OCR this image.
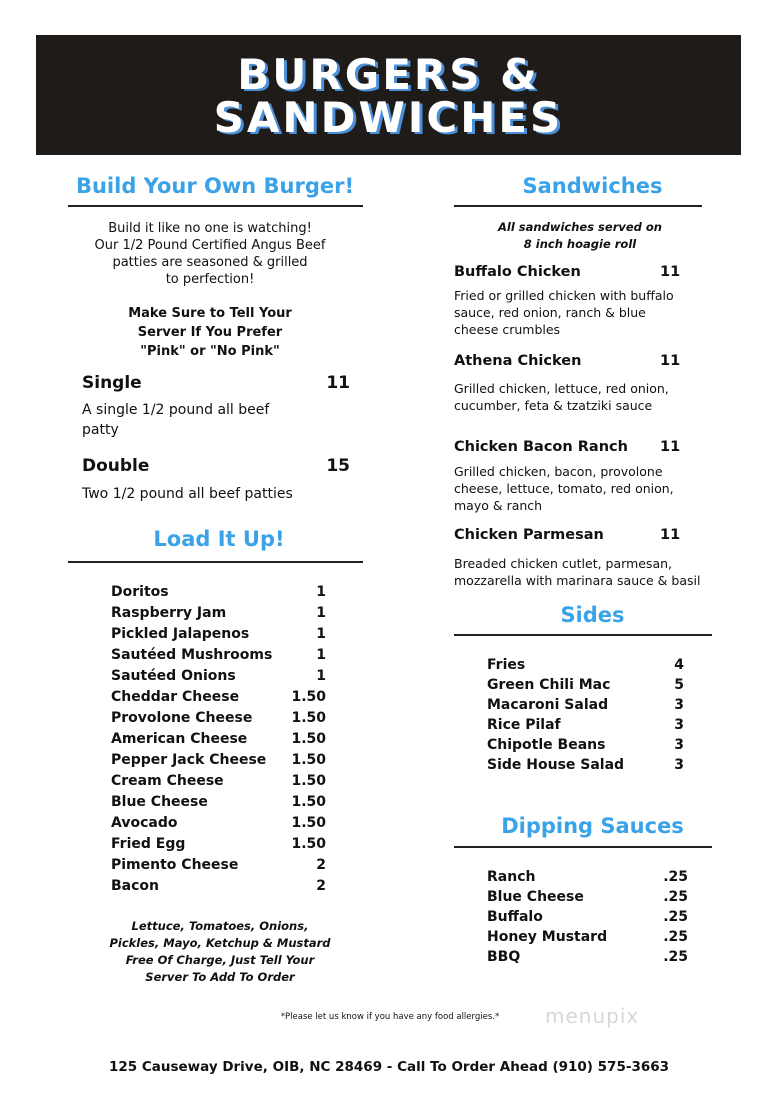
BURGERS &
SANDWICHES
Build Your Own Burger!
Build it like no one is watching!
Our 1/2 Pound Certified Angus Beef
patties are seasoned & grilled
to perfection!
Make Sure to Tell Your
Server If You Prefer
"Pink" or "No Pink"
Single	11
A single 1/2 pound all beef
patty
Double	15
Two 1/2 pound all beef patties
Load It Up!
Doritos	1
Raspberry Jam	1
Pickled Jalapenos	1
Sautéed Mushrooms	1
Sautéed Onions	1
Cheddar Cheese	1.50
Provolone Cheese	1.50
American Cheese	1.50
Pepper Jack Cheese 1.50
Cream Cheese	1.50
Blue Cheese	1.50
Avocado	1.50
Fried Egg	1.50
Pimento Cheese	2
Bacon	2
Lettuce, Tomatoes, Onions,
Pickles, Mayo, Ketchup & Mustard
Free Of Charge, Just Tell Your
Server To Add To Order
Sandwiches
All sandwiches served on
8 inch hoagie roll
Buffalo Chicken	11
Fried or grilled chicken with buffalo
sauce, red onion, ranch & blue
cheese crumbles
Athena Chicken	11
Grilled chicken, lettuce, red onion,
cucumber, feta & tzatziki sauce
Chicken Bacon Ranch 11
Grilled chicken, bacon, provolone
cheese, lettuce, tomato, red onion,
mayo & ranch
Chicken Parmesan	11
Breaded chicken cutlet, parmesan,
mozzarella with marinara sauce & basil
Sides
Fries	4
Green Chili Mac	5
Macaroni Salad	3
Rice Pilaf	3
Chipotle Beans	3
Side House Salad	3
Dipping Sauces
Ranch	.25
Blue Cheese	.25
Buffalo	.25
Honey Mustard	.25
BBQ	.25
*Please let us know if you have any food allergies.*	menupix
125 Causeway Drive, OIB, NC 28469 - Call To Order Ahead (910) 575-3663
